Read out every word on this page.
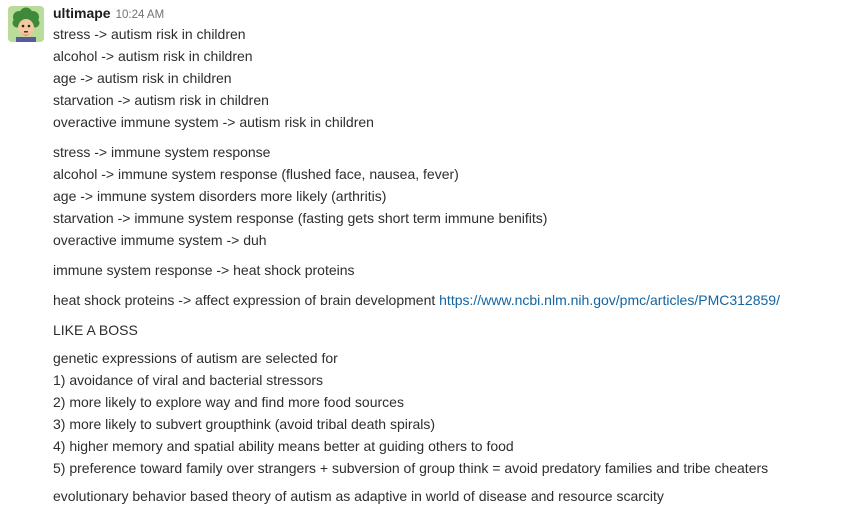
ultimape 10:24 AM
stress -> autism risk in children
alcohol -> autism risk in children
age -> autism risk in children
starvation -> autism risk in children
overactive immune system -> autism risk in children
stress -> immune system response
alcohol -> immune system response (flushed face, nausea, fever)
age -> immune system disorders more likely (arthritis)
starvation -> immune system response (fasting gets short term immune benifits)
overactive immume system -> duh
immune system response -> heat shock proteins
heat shock proteins -> affect expression of brain development https://www.ncbi.nlm.nih.gov/pmc/articles/PMC312859/
LIKE A BOSS
genetic expressions of autism are selected for
1) avoidance of viral and bacterial stressors
2) more likely to explore way and find more food sources
3) more likely to subvert groupthink (avoid tribal death spirals)
4) higher memory and spatial ability means better at guiding others to food
5) preference toward family over strangers + subversion of group think = avoid predatory families and tribe cheaters
evolutionary behavior based theory of autism as adaptive in world of disease and resource scarcity
